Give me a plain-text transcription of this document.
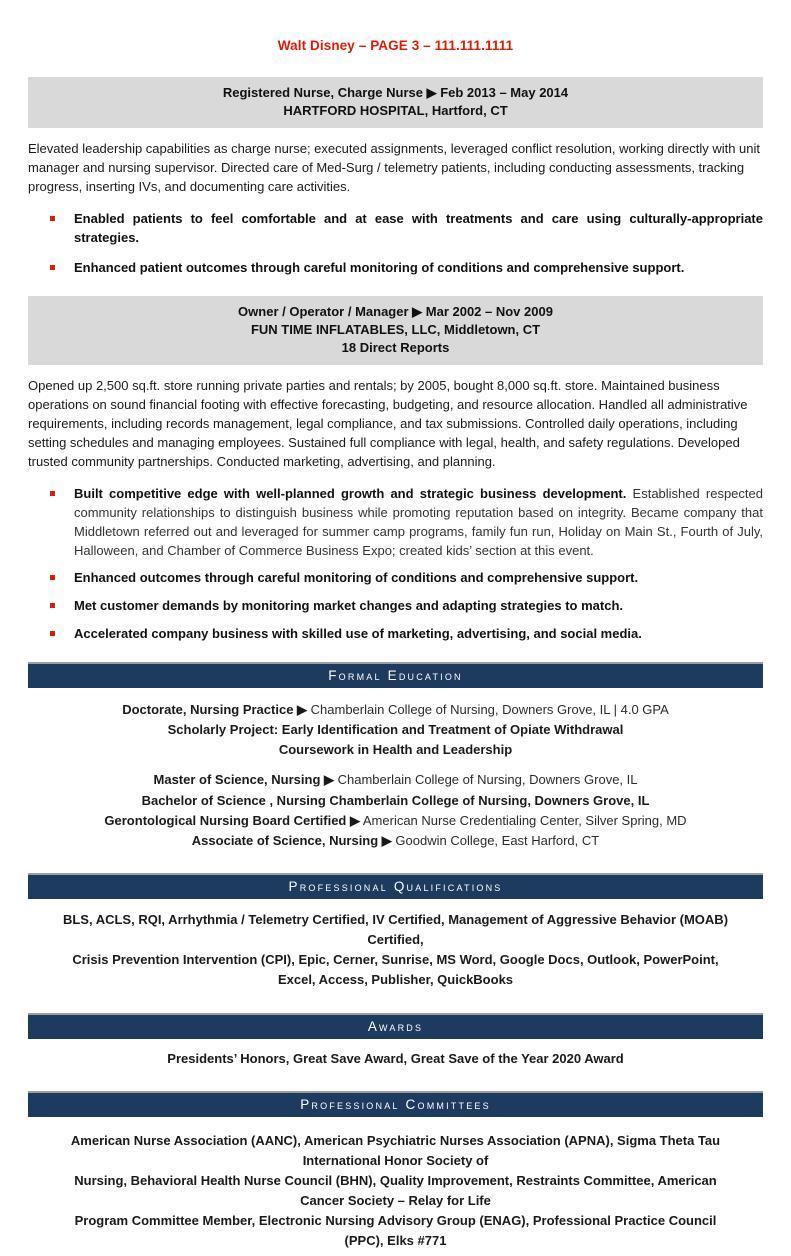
Walt Disney – PAGE 3 – 111.111.1111
Registered Nurse, Charge Nurse ▶ Feb 2013 – May 2014
HARTFORD HOSPITAL, Hartford, CT

Elevated leadership capabilities as charge nurse; executed assignments, leveraged conflict resolution, working directly with unit manager and nursing supervisor. Directed care of Med-Surg / telemetry patients, including conducting assessments, tracking progress, inserting IVs, and documenting care activities.

Enabled patients to feel comfortable and at ease with treatments and care using culturally-appropriate strategies.
Enhanced patient outcomes through careful monitoring of conditions and comprehensive support.
Owner / Operator / Manager ▶ Mar 2002 – Nov 2009
FUN TIME INFLATABLES, LLC, Middletown, CT
18 Direct Reports

Opened up 2,500 sq.ft. store running private parties and rentals; by 2005, bought 8,000 sq.ft. store. Maintained business operations on sound financial footing with effective forecasting, budgeting, and resource allocation. Handled all administrative requirements, including records management, legal compliance, and tax submissions. Controlled daily operations, including setting schedules and managing employees. Sustained full compliance with legal, health, and safety regulations. Developed trusted community partnerships. Conducted marketing, advertising, and planning.

Built competitive edge with well-planned growth and strategic business development. Established respected community relationships to distinguish business while promoting reputation based on integrity. Became company that Middletown referred out and leveraged for summer camp programs, family fun run, Holiday on Main St., Fourth of July, Halloween, and Chamber of Commerce Business Expo; created kids’ section at this event.
Enhanced outcomes through careful monitoring of conditions and comprehensive support.
Met customer demands by monitoring market changes and adapting strategies to match.
Accelerated company business with skilled use of marketing, advertising, and social media.
Formal Education
Doctorate, Nursing Practice ▶ Chamberlain College of Nursing, Downers Grove, IL | 4.0 GPA
Scholarly Project: Early Identification and Treatment of Opiate Withdrawal
Coursework in Health and Leadership
Master of Science, Nursing ▶ Chamberlain College of Nursing, Downers Grove, IL
Bachelor of Science , Nursing Chamberlain College of Nursing, Downers Grove, IL
Gerontological Nursing Board Certified ▶ American Nurse Credentialing Center, Silver Spring, MD
Associate of Science, Nursing ▶ Goodwin College, East Harford, CT
Professional Qualifications
BLS, ACLS, RQI, Arrhythmia / Telemetry Certified, IV Certified, Management of Aggressive Behavior (MOAB) Certified,
Crisis Prevention Intervention (CPI), Epic, Cerner, Sunrise, MS Word, Google Docs, Outlook, PowerPoint,
Excel, Access, Publisher, QuickBooks
Awards
Presidents’ Honors, Great Save Award, Great Save of the Year 2020 Award
Professional Committees
American Nurse Association (AANC), American Psychiatric Nurses Association (APNA), Sigma Theta Tau International Honor Society of
Nursing, Behavioral Health Nurse Council (BHN), Quality Improvement, Restraints Committee, American Cancer Society – Relay for Life
Program Committee Member, Electronic Nursing Advisory Group (ENAG), Professional Practice Council (PPC), Elks #771
